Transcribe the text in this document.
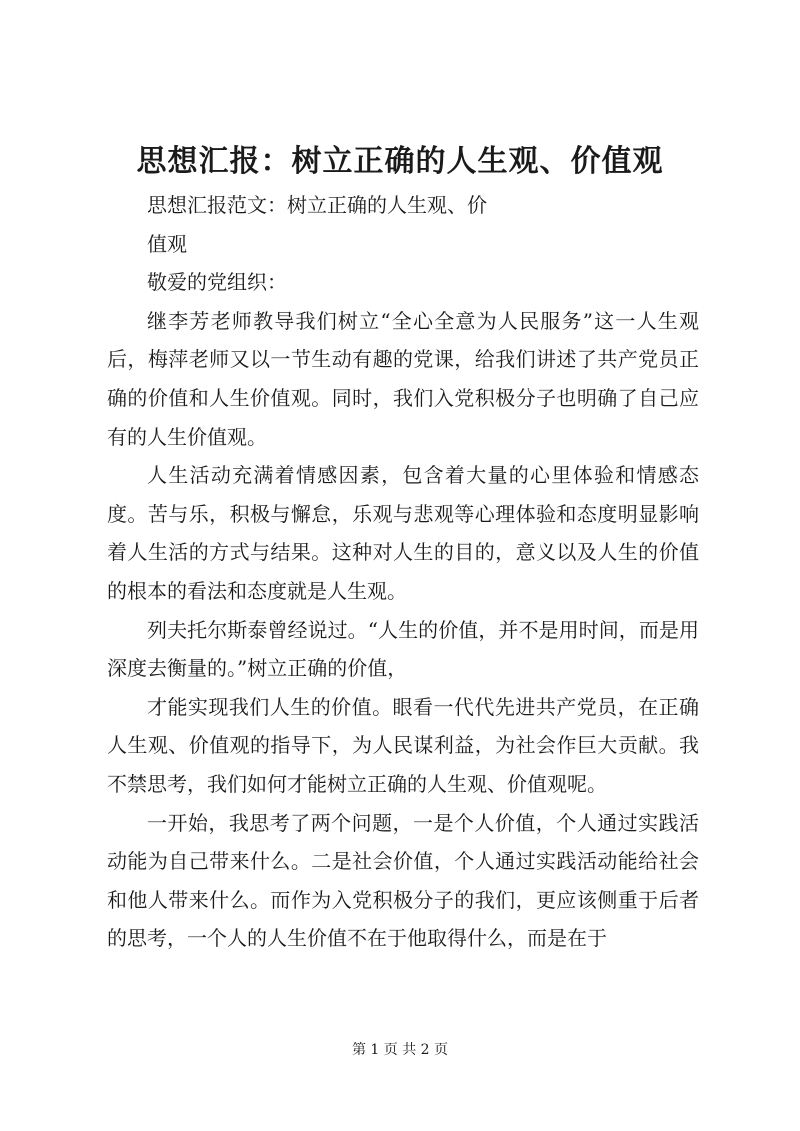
思想汇报：树立正确的人生观、价值观

思想汇报范文：树立正确的人生观、价

值观

敬爱的党组织：

继李芳老师教导我们树立“全心全意为人民服务”这一人生观后，梅萍老师又以一节生动有趣的党课，给我们讲述了共产党员正确的价值和人生价值观。同时，我们入党积极分子也明确了自己应有的人生价值观。

人生活动充满着情感因素，包含着大量的心里体验和情感态度。苦与乐，积极与懈怠，乐观与悲观等心理体验和态度明显影响着人生活的方式与结果。这种对人生的目的，意义以及人生的价值的根本的看法和态度就是人生观。

列夫托尔斯泰曾经说过。“人生的价值，并不是用时间，而是用深度去衡量的。”树立正确的价值，

才能实现我们人生的价值。眼看一代代先进共产党员，在正确人生观、价值观的指导下，为人民谋利益，为社会作巨大贡献。我不禁思考，我们如何才能树立正确的人生观、价值观呢。

一开始，我思考了两个问题，一是个人价值，个人通过实践活动能为自己带来什么。二是社会价值，个人通过实践活动能给社会和他人带来什么。而作为入党积极分子的我们，更应该侧重于后者的思考，一个人的人生价值不在于他取得什么，而是在于

第 1 页 共 2 页
